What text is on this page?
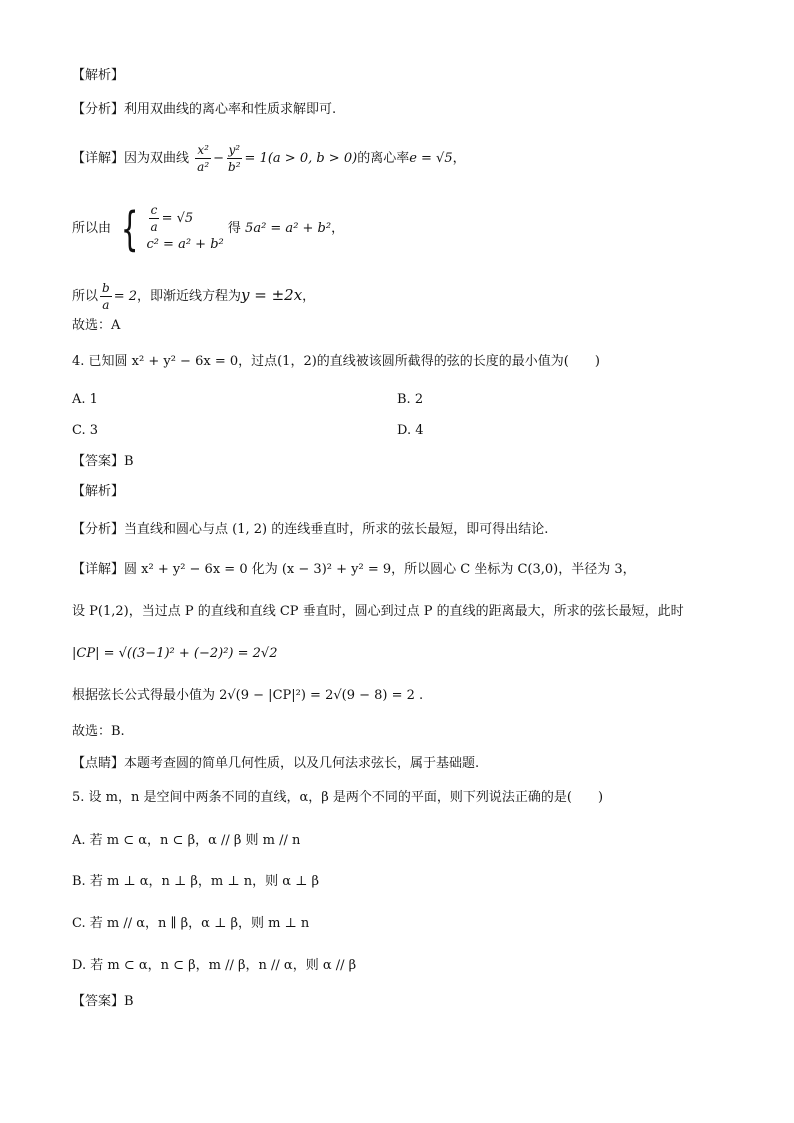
【解析】
【分析】利用双曲线的离心率和性质求解即可.
【详解】因为双曲线 $\frac{\text{x²}}{\text{a²}} - \frac{\text{y²}}{\text{b²}} = 1(a > 0$, b > 0)的离心率e = √5，
所以由 { $\frac{c}{a} = √5$
c² = a² + b²
得 5a² = a² + b²，
所以 $\frac{b}{a} = 2$，即渐近线方程为y = ±2x，
故选：A
4. 已知圆 x² + y² − 6x = 0，过点(1，2)的直线被该圆所截得的弦的长度的最小值为(　　)
A. 1	B. 2
C. 3	D. 4
【答案】B
【解析】
【分析】当直线和圆心与点 (1, 2) 的连线垂直时，所求的弦长最短，即可得出结论.
【详解】圆 x² + y² − 6x = 0 化为 (x − 3)² + y² = 9，所以圆心 C 坐标为 C(3,0)，半径为 3，
设 P(1,2)，当过点 P 的直线和直线 CP 垂直时，圆心到过点 P 的直线的距离最大，所求的弦长最短，此时
|CP| = √((3−1)² + (−2)²) = 2√2
根据弦长公式得最小值为 2√(9 − |CP|²) = 2√(9 − 8) = 2 .
故选：B.
【点睛】本题考查圆的简单几何性质，以及几何法求弦长，属于基础题.
5. 设 m，n 是空间中两条不同的直线，α，β 是两个不同的平面，则下列说法正确的是(　　)
A. 若 m ⊂ α，n ⊂ β，α // β 则 m // n
B. 若 m ⊥ α，n ⊥ β，m ⊥ n，则 α ⊥ β
C. 若 m // α，n ∥ β，α ⊥ β，则 m ⊥ n
D. 若 m ⊂ α，n ⊂ β，m // β，n // α，则 α // β
【答案】B
